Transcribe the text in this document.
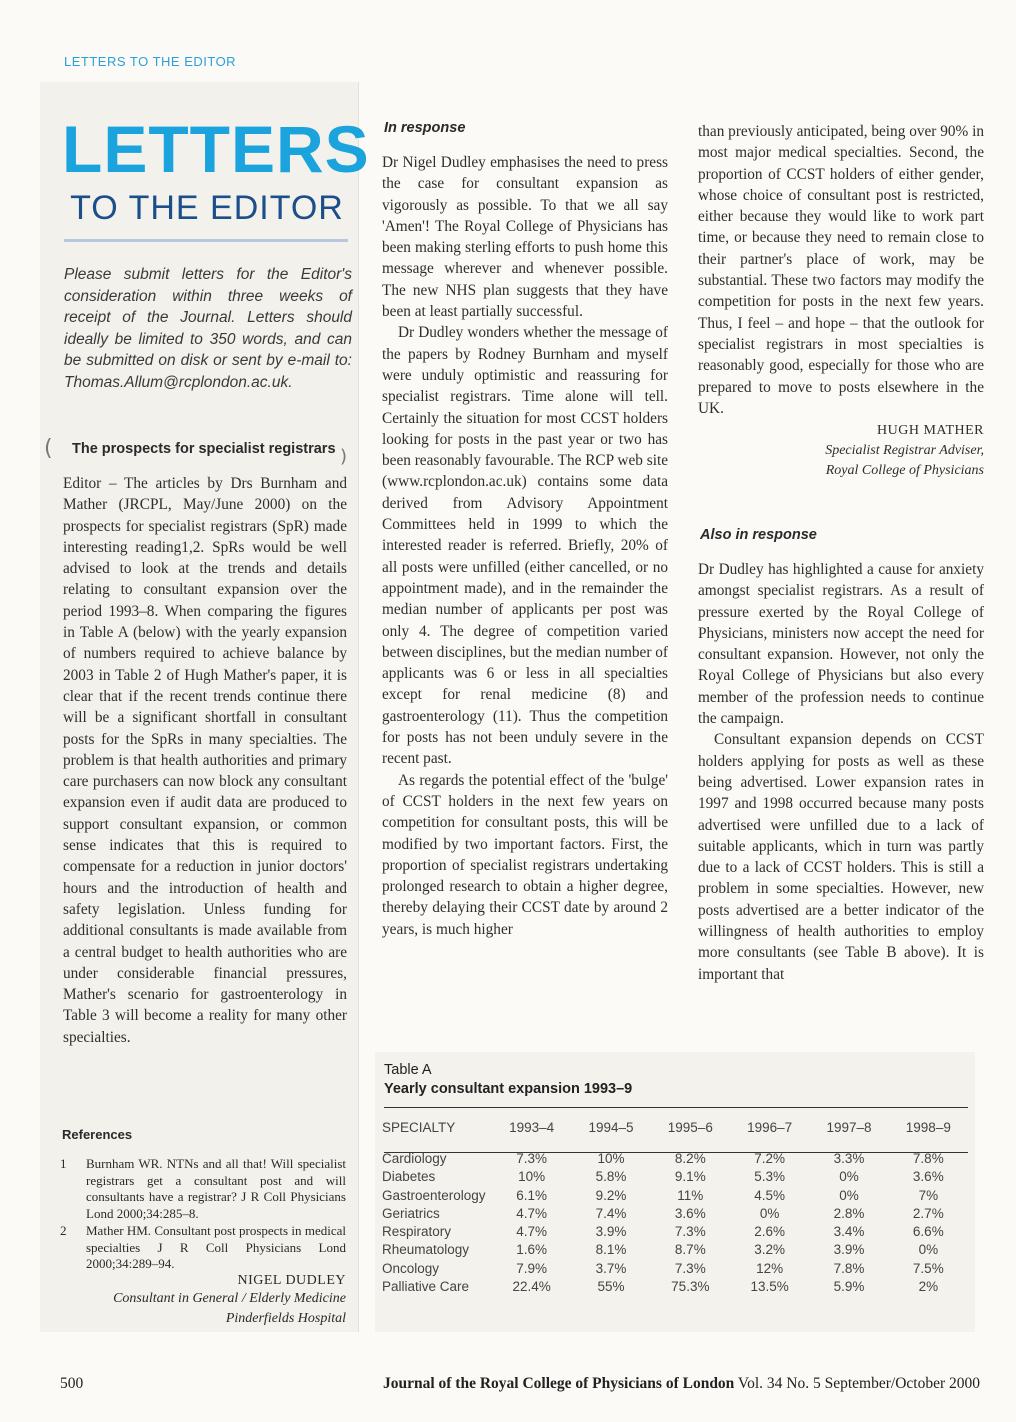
LETTERS TO THE EDITOR
LETTERS
TO THE EDITOR
Please submit letters for the Editor's consideration within three weeks of receipt of the Journal. Letters should ideally be limited to 350 words, and can be submitted on disk or sent by e-mail to: Thomas.Allum@rcplondon.ac.uk.
( The prospects for specialist registrars )

Editor – The articles by Drs Burnham and Mather (JRCPL, May/June 2000) on the prospects for specialist registrars (SpR) made interesting reading1,2. SpRs would be well advised to look at the trends and details relating to consultant expansion over the period 1993–8. When comparing the figures in Table A (below) with the yearly expansion of numbers required to achieve balance by 2003 in Table 2 of Hugh Mather's paper, it is clear that if the recent trends continue there will be a significant shortfall in consultant posts for the SpRs in many specialties. The problem is that health authorities and primary care purchasers can now block any consultant expansion even if audit data are produced to support consultant expansion, or common sense indicates that this is required to compensate for a reduction in junior doctors' hours and the introduction of health and safety legislation. Unless funding for additional consultants is made available from a central budget to health authorities who are under considerable financial pressures, Mather's scenario for gastroenterology in Table 3 will become a reality for many other specialties.

References
1	Burnham WR. NTNs and all that! Will specialist registrars get a consultant post and will consultants have a registrar? J R Coll Physicians Lond 2000;34:285–8.
2	Mather HM. Consultant post prospects in medical specialties J R Coll Physicians Lond 2000;34:289–94.

NIGEL DUDLEY

Consultant in General / Elderly Medicine

Pinderfields Hospital

In response

Dr Nigel Dudley emphasises the need to press the case for consultant expansion as vigorously as possible. To that we all say 'Amen'! The Royal College of Physicians has been making sterling efforts to push home this message wherever and whenever possible. The new NHS plan suggests that they have been at least partially successful.

Dr Dudley wonders whether the message of the papers by Rodney Burnham and myself were unduly optimistic and reassuring for specialist registrars. Time alone will tell. Certainly the situation for most CCST holders looking for posts in the past year or two has been reasonably favourable. The RCP web site (www.rcplondon.ac.uk) contains some data derived from Advisory Appointment Committees held in 1999 to which the interested reader is referred. Briefly, 20% of all posts were unfilled (either cancelled, or no appointment made), and in the remainder the median number of applicants per post was only 4. The degree of competition varied between disciplines, but the median number of applicants was 6 or less in all specialties except for renal medicine (8) and gastroenterology (11). Thus the competition for posts has not been unduly severe in the recent past.

As regards the potential effect of the 'bulge' of CCST holders in the next few years on competition for consultant posts, this will be modified by two important factors. First, the proportion of specialist registrars undertaking prolonged research to obtain a higher degree, thereby delaying their CCST date by around 2 years, is much higher

than previously anticipated, being over 90% in most major medical specialties. Second, the proportion of CCST holders of either gender, whose choice of consultant post is restricted, either because they would like to work part time, or because they need to remain close to their partner's place of work, may be substantial. These two factors may modify the competition for posts in the next few years. Thus, I feel – and hope – that the outlook for specialist registrars in most specialties is reasonably good, especially for those who are prepared to move to posts elsewhere in the UK.

HUGH MATHER

Specialist Registrar Adviser,

Royal College of Physicians

Also in response

Dr Dudley has highlighted a cause for anxiety amongst specialist registrars. As a result of pressure exerted by the Royal College of Physicians, ministers now accept the need for consultant expansion. However, not only the Royal College of Physicians but also every member of the profession needs to continue the campaign.

Consultant expansion depends on CCST holders applying for posts as well as these being advertised. Lower expansion rates in 1997 and 1998 occurred because many posts advertised were unfilled due to a lack of suitable applicants, which in turn was partly due to a lack of CCST holders. This is still a problem in some specialties. However, new posts advertised are a better indicator of the willingness of health authorities to employ more consultants (see Table B above). It is important that

Table A
Yearly consultant expansion 1993–9
SPECIALTY	1993–4	1994–5	1995–6	1996–7	1997–8	1998–9
Cardiology	7.3%	10%	8.2%	7.2%	3.3%	7.8%
Diabetes	10%	5.8%	9.1%	5.3%	0%	3.6%
Gastroenterology	6.1%	9.2%	11%	4.5%	0%	7%
Geriatrics	4.7%	7.4%	3.6%	0%	2.8%	2.7%
Respiratory	4.7%	3.9%	7.3%	2.6%	3.4%	6.6%
Rheumatology	1.6%	8.1%	8.7%	3.2%	3.9%	0%
Oncology	7.9%	3.7%	7.3%	12%	7.8%	7.5%
Palliative Care	22.4%	55%	75.3%	13.5%	5.9%	2%
500	Journal of the Royal College of Physicians of London Vol. 34 No. 5 September/October 2000
